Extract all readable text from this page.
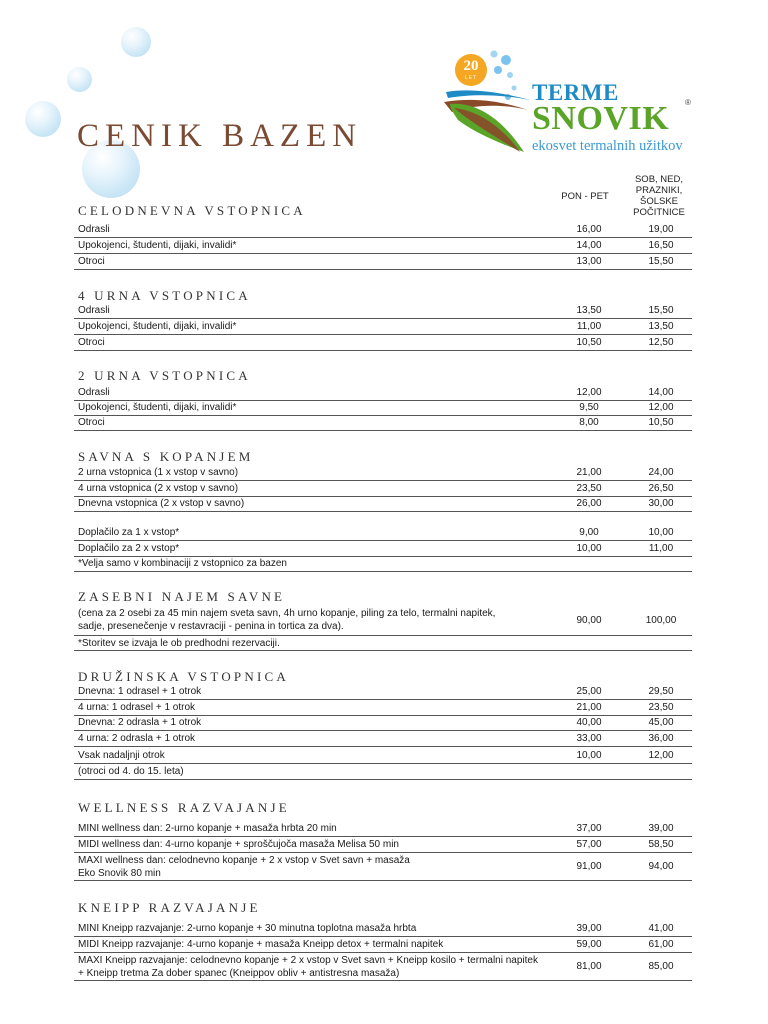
CENIK BAZEN
20
LET
TERME
SNOVIK ®
ekosvet termalnih užitkov
PON - PET
SOB, NED,
PRAZNIKI,
ŠOLSKE
POČITNICE
CELODNEVNA VSTOPNICA
Odrasli	16,00	19,00
Upokojenci, študenti, dijaki, invalidi*	14,00	16,50
Otroci	13,00	15,50
4 URNA VSTOPNICA
Odrasli	13,50	15,50
Upokojenci, študenti, dijaki, invalidi*	11,00	13,50
Otroci	10,50	12,50
2 URNA VSTOPNICA
Odrasli	12,00	14,00
Upokojenci, študenti, dijaki, invalidi*	9,50	12,00
Otroci	8,00	10,50
SAVNA S KOPANJEM
2 urna vstopnica (1 x vstop v savno)	21,00	24,00
4 urna vstopnica (2 x vstop v savno)	23,50	26,50
Dnevna vstopnica (2 x vstop v savno)	26,00	30,00
Doplačilo za 1 x vstop*	9,00	10,00
Doplačilo za 2 x vstop*	10,00	11,00
*Velja samo v kombinaciji z vstopnico za bazen
ZASEBNI NAJEM SAVNE
(cena za 2 osebi za 45 min najem sveta savn, 4h urno kopanje, piling za telo, termalni napitek, sadje, presenečenje v restavraciji - penina in tortica za dva).
90,00	100,00
*Storitev se izvaja le ob predhodni rezervaciji.
DRUŽINSKA VSTOPNICA
Dnevna: 1 odrasel + 1 otrok	25,00	29,50
4 urna: 1 odrasel + 1 otrok	21,00	23,50
Dnevna: 2 odrasla + 1 otrok	40,00	45,00
4 urna: 2 odrasla + 1 otrok	33,00	36,00
Vsak nadaljnji otrok	10,00	12,00
(otroci od 4. do 15. leta)
WELLNESS RAZVAJANJE
MINI wellness dan: 2-urno kopanje + masaža hrbta 20 min	37,00	39,00
MIDI wellness dan: 4-urno kopanje + sproščujoča masaža Melisa 50 min	57,00	58,50
MAXI wellness dan: celodnevno kopanje + 2 x vstop v Svet savn + masaža Eko Snovik 80 min
91,00	94,00
KNEIPP RAZVAJANJE
MINI Kneipp razvajanje: 2-urno kopanje + 30 minutna toplotna masaža hrbta	39,00	41,00
MIDI Kneipp razvajanje: 4-urno kopanje + masaža Kneipp detox + termalni napitek	59,00	61,00
MAXI Kneipp razvajanje: celodnevno kopanje + 2 x vstop v Svet savn + Kneipp kosilo + termalni napitek + Kneipp tretma Za dober spanec (Kneippov obliv + antistresna masaža)
81,00	85,00
